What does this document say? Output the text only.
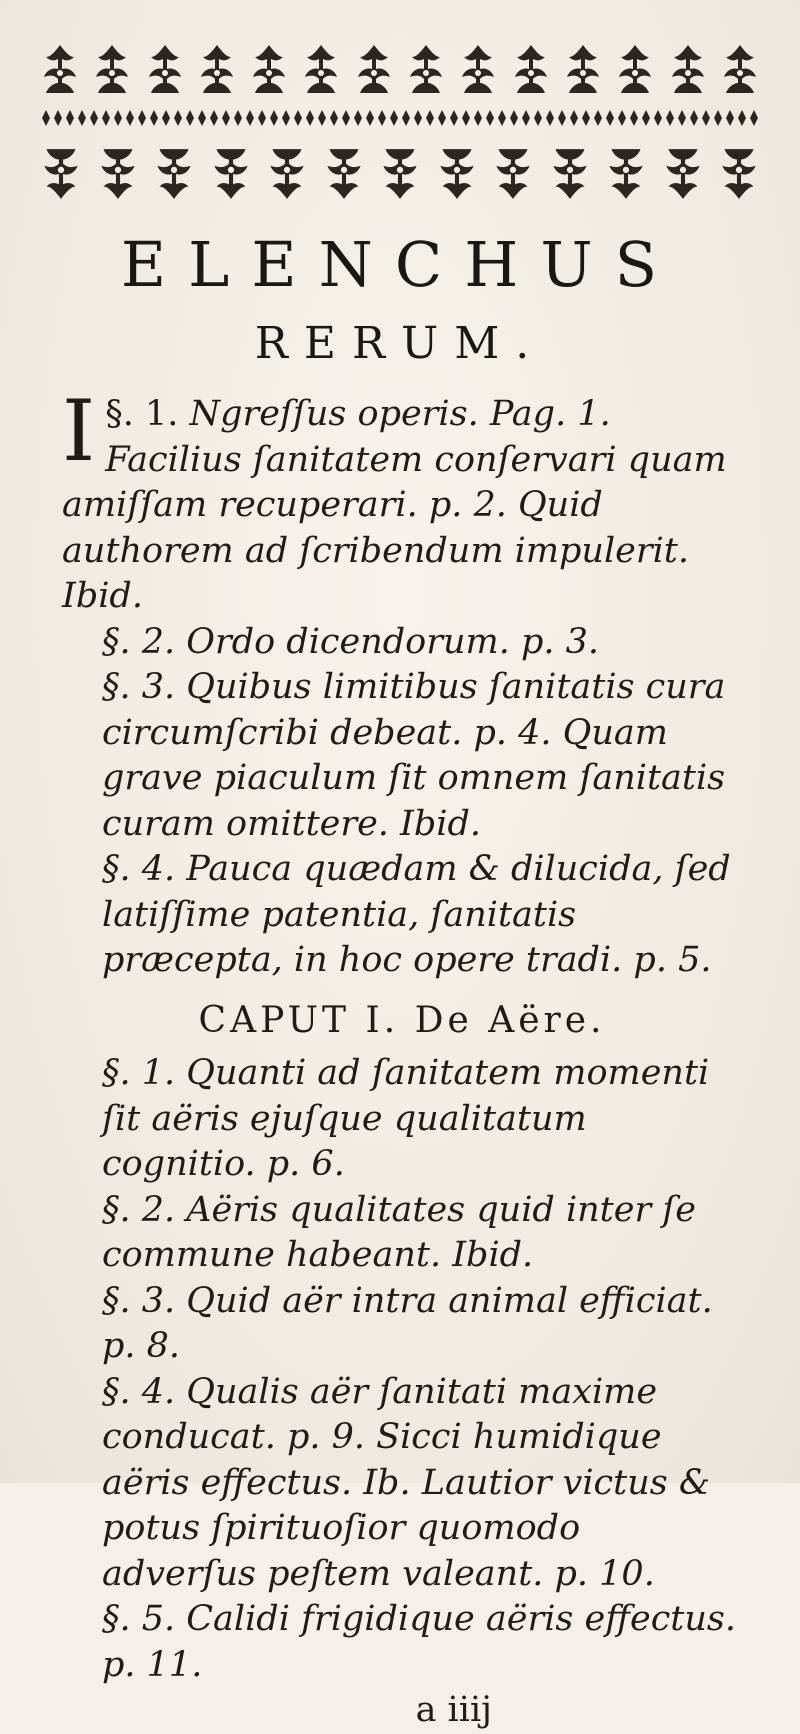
ELENCHUS
RERUM.

I §. 1. Ngreſſus operis. Pag. 1. Facilius ſanitatem conſervari quam amiſſam recuperari. p. 2. Quid authorem ad ſcribendum impulerit. Ibid.

§. 2. Ordo dicendorum. p. 3.

§. 3. Quibus limitibus ſanitatis cura circumſcribi debeat. p. 4. Quam grave piaculum ſit omnem ſanitatis curam omittere. Ibid.

§. 4. Pauca quædam & dilucida, ſed latiſſime patentia, ſanitatis præcepta, in hoc opere tradi. p. 5.

CAPUT I. De Aëre.

§. 1. Quanti ad ſanitatem momenti ſit aëris ejuſque qualitatum cognitio. p. 6.

§. 2. Aëris qualitates quid inter ſe commune habeant. Ibid.

§. 3. Quid aër intra animal efficiat. p. 8.

§. 4. Qualis aër ſanitati maxime conducat. p. 9. Sicci humidique aëris effectus. Ib. Lautior victus & potus ſpirituoſior quomodo adverſus peſtem valeant. p. 10.

§. 5. Calidi frigidique aëris effectus. p. 11.

a iiij
